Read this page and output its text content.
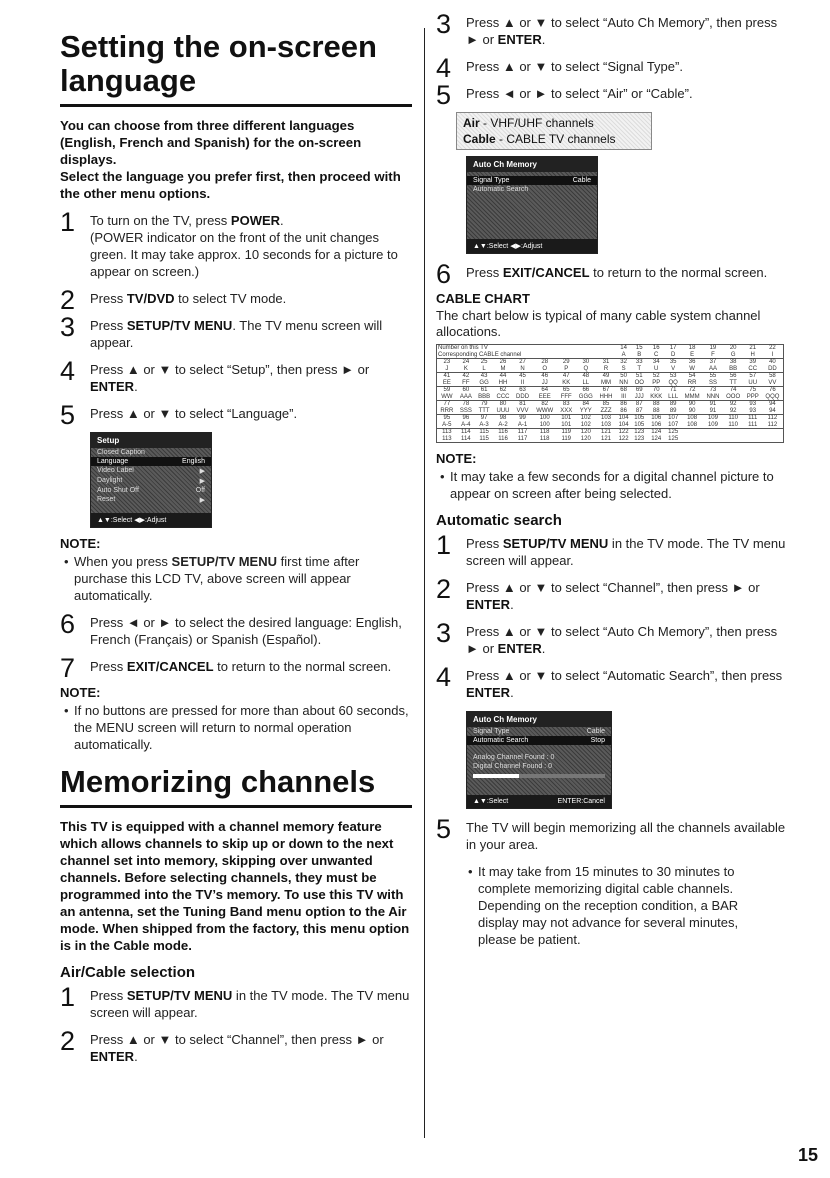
Setting the on-screen language

You can choose from three different languages (English, French and Spanish) for the on-screen displays.

Select the language you prefer first, then proceed with the other menu options.

1 To turn on the TV, press POWER.
(POWER indicator on the front of the unit changes green. It may take approx. 10 seconds for a picture to appear on screen.)
2 Press TV/DVD to select TV mode.
3 Press SETUP/TV MENU. The TV menu screen will appear.
4 Press ▲ or ▼ to select “Setup”, then press ► or ENTER.
5 Press ▲ or ▼ to select “Language”.
Setup
Closed Caption
Language	English
Video Label	▶
Daylight	▶
Auto Shut Off	Off
Reset	▶
▲▼:Select ◀▶:Adjust
NOTE:
• When you press SETUP/TV MENU first time after purchase this LCD TV, above screen will appear automatically.
6 Press ◄ or ► to select the desired language: English, French (Français) or Spanish (Español).
7 Press EXIT/CANCEL to return to the normal screen.
NOTE:
• If no buttons are pressed for more than about 60 seconds, the MENU screen will return to normal operation automatically.
Memorizing channels

This TV is equipped with a channel memory feature which allows channels to skip up or down to the next channel set into memory, skipping over unwanted channels. Before selecting channels, they must be programmed into the TV’s memory. To use this TV with an antenna, set the Tuning Band menu option to the Air mode. When shipped from the factory, this menu option is in the Cable mode.

Air/Cable selection
1 Press SETUP/TV MENU in the TV mode. The TV menu screen will appear.
2 Press ▲ or ▼ to select “Channel”, then press ► or ENTER.
3 Press ▲ or ▼ to select “Auto Ch Memory”, then press ► or ENTER.
4 Press ▲ or ▼ to select “Signal Type”.
5 Press ◄ or ► to select “Air” or “Cable”.
Air - VHF/UHF channels
Cable - CABLE TV channels
Auto Ch Memory
Signal Type	Cable
Automatic Search
▲▼:Select ◀▶:Adjust
6 Press EXIT/CANCEL to return to the normal screen.
CABLE CHART

The chart below is typical of many cable system channel allocations.

Number on this TV									14	15	16	17	18	19	20	21	22
Corresponding CABLE channel									A	B	C	D	E	F	G	H	I
23	24	25	26	27	28	29	30	31	32	33	34	35	36	37	38	39	40
J	K	L	M	N	O	P	Q	R	S	T	U	V	W	AA	BB	CC	DD
41	42	43	44	45	46	47	48	49	50	51	52	53	54	55	56	57	58
EE	FF	GG	HH	II	JJ	KK	LL	MM	NN	OO	PP	QQ	RR	SS	TT	UU	VV
59	60	61	62	63	64	65	66	67	68	69	70	71	72	73	74	75	76
WW	AAA	BBB	CCC	DDD	EEE	FFF	GGG	HHH	III	JJJ	KKK	LLL	MMM	NNN	OOO	PPP	QQQ
77	78	79	80	81	82	83	84	85	86	87	88	89	90	91	92	93	94
RRR	SSS	TTT	UUU	VVV	WWW	XXX	YYY	ZZZ	86	87	88	89	90	91	92	93	94
95	96	97	98	99	100	101	102	103	104	105	106	107	108	109	110	111	112
A-5	A-4	A-3	A-2	A-1	100	101	102	103	104	105	106	107	108	109	110	111	112
113	114	115	116	117	118	119	120	121	122	123	124	125					
113	114	115	116	117	118	119	120	121	122	123	124	125					
NOTE:
• It may take a few seconds for a digital channel picture to appear on screen after being selected.
Automatic search
1 Press SETUP/TV MENU in the TV mode. The TV menu screen will appear.
2 Press ▲ or ▼ to select “Channel”, then press ► or ENTER.
3 Press ▲ or ▼ to select “Auto Ch Memory”, then press ► or ENTER.
4 Press ▲ or ▼ to select “Automatic Search”, then press ENTER.
Auto Ch Memory
Signal Type	Cable
Automatic Search	Stop
Analog Channel Found : 0
Digital Channel Found : 0
▲▼:Select	ENTER:Cancel
5 The TV will begin memorizing all the channels available in your area.
• It may take from 15 minutes to 30 minutes to complete memorizing digital cable channels. Depending on the reception condition, a BAR display may not advance for several minutes, please be patient.
15
